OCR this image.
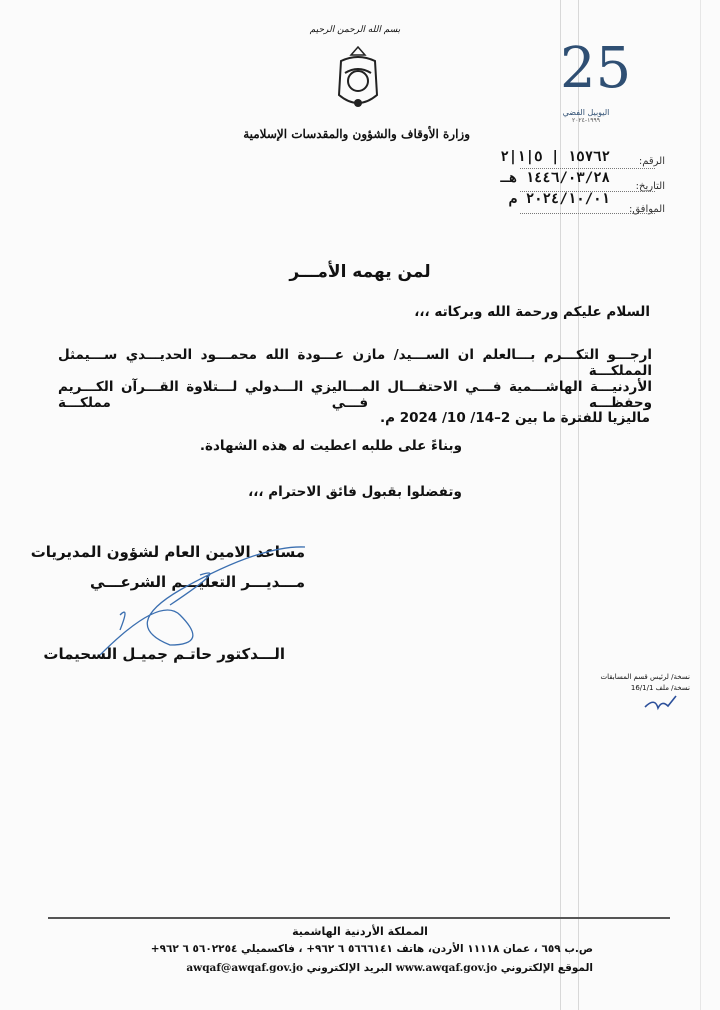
بسم الله الرحمن الرحيم
وزارة الأوقاف والشؤون والمقدسات الإسلامية
25
اليوبيل الفضي
١٩٩٩-٢٠٢٤
الرقم:
التاريخ:
الموافق:
١٥٧٦٢ | ٥|١|٢
١٤٤٦/٠٣/٢٨ هـ
٢٠٢٤/١٠/٠١ م
لمن يهمه الأمـــر
السلام عليكم ورحمة الله وبركاته ،،،
ارجـــو التكـــرم بـــالعلم ان الســـيد/ مازن عـــودة الله محمـــود الحديـــدي ســـيمثل المملكـــة
الأردنيـــة الهاشـــمية فـــي الاحتفـــال المـــاليزي الـــدولي لـــتلاوة القـــرآن الكـــريم وحفظـــه فـــي مملكـــة
ماليزيا للفترة ما بين 2–14/ 10/ 2024 م.
وبناءً على طلبه اعطيت له هذه الشهادة.
وتفضلوا بقبول فائق الاحترام ،،،
مساعد الامين العام لشؤون المديريات
مـــديـــر التعليـــم الشرعـــي
الـــدكتور حاتـم جميـل السحيمات
نسخة/ لرئيس قسم المسابقات
نسخة/ ملف 16/1/1
المملكة الأردنية الهاشمية
ص.ب ٦٥٩ ، عمان ١١١١٨ الأردن، هاتف ٥٦٦٦١٤١ ٦ ٩٦٢+ ، فاكسميلي ٥٦٠٢٢٥٤ ٦ ٩٦٢+
الموقع الإلكتروني www.awqaf.gov.jo البريد الإلكتروني awqaf@awqaf.gov.jo
